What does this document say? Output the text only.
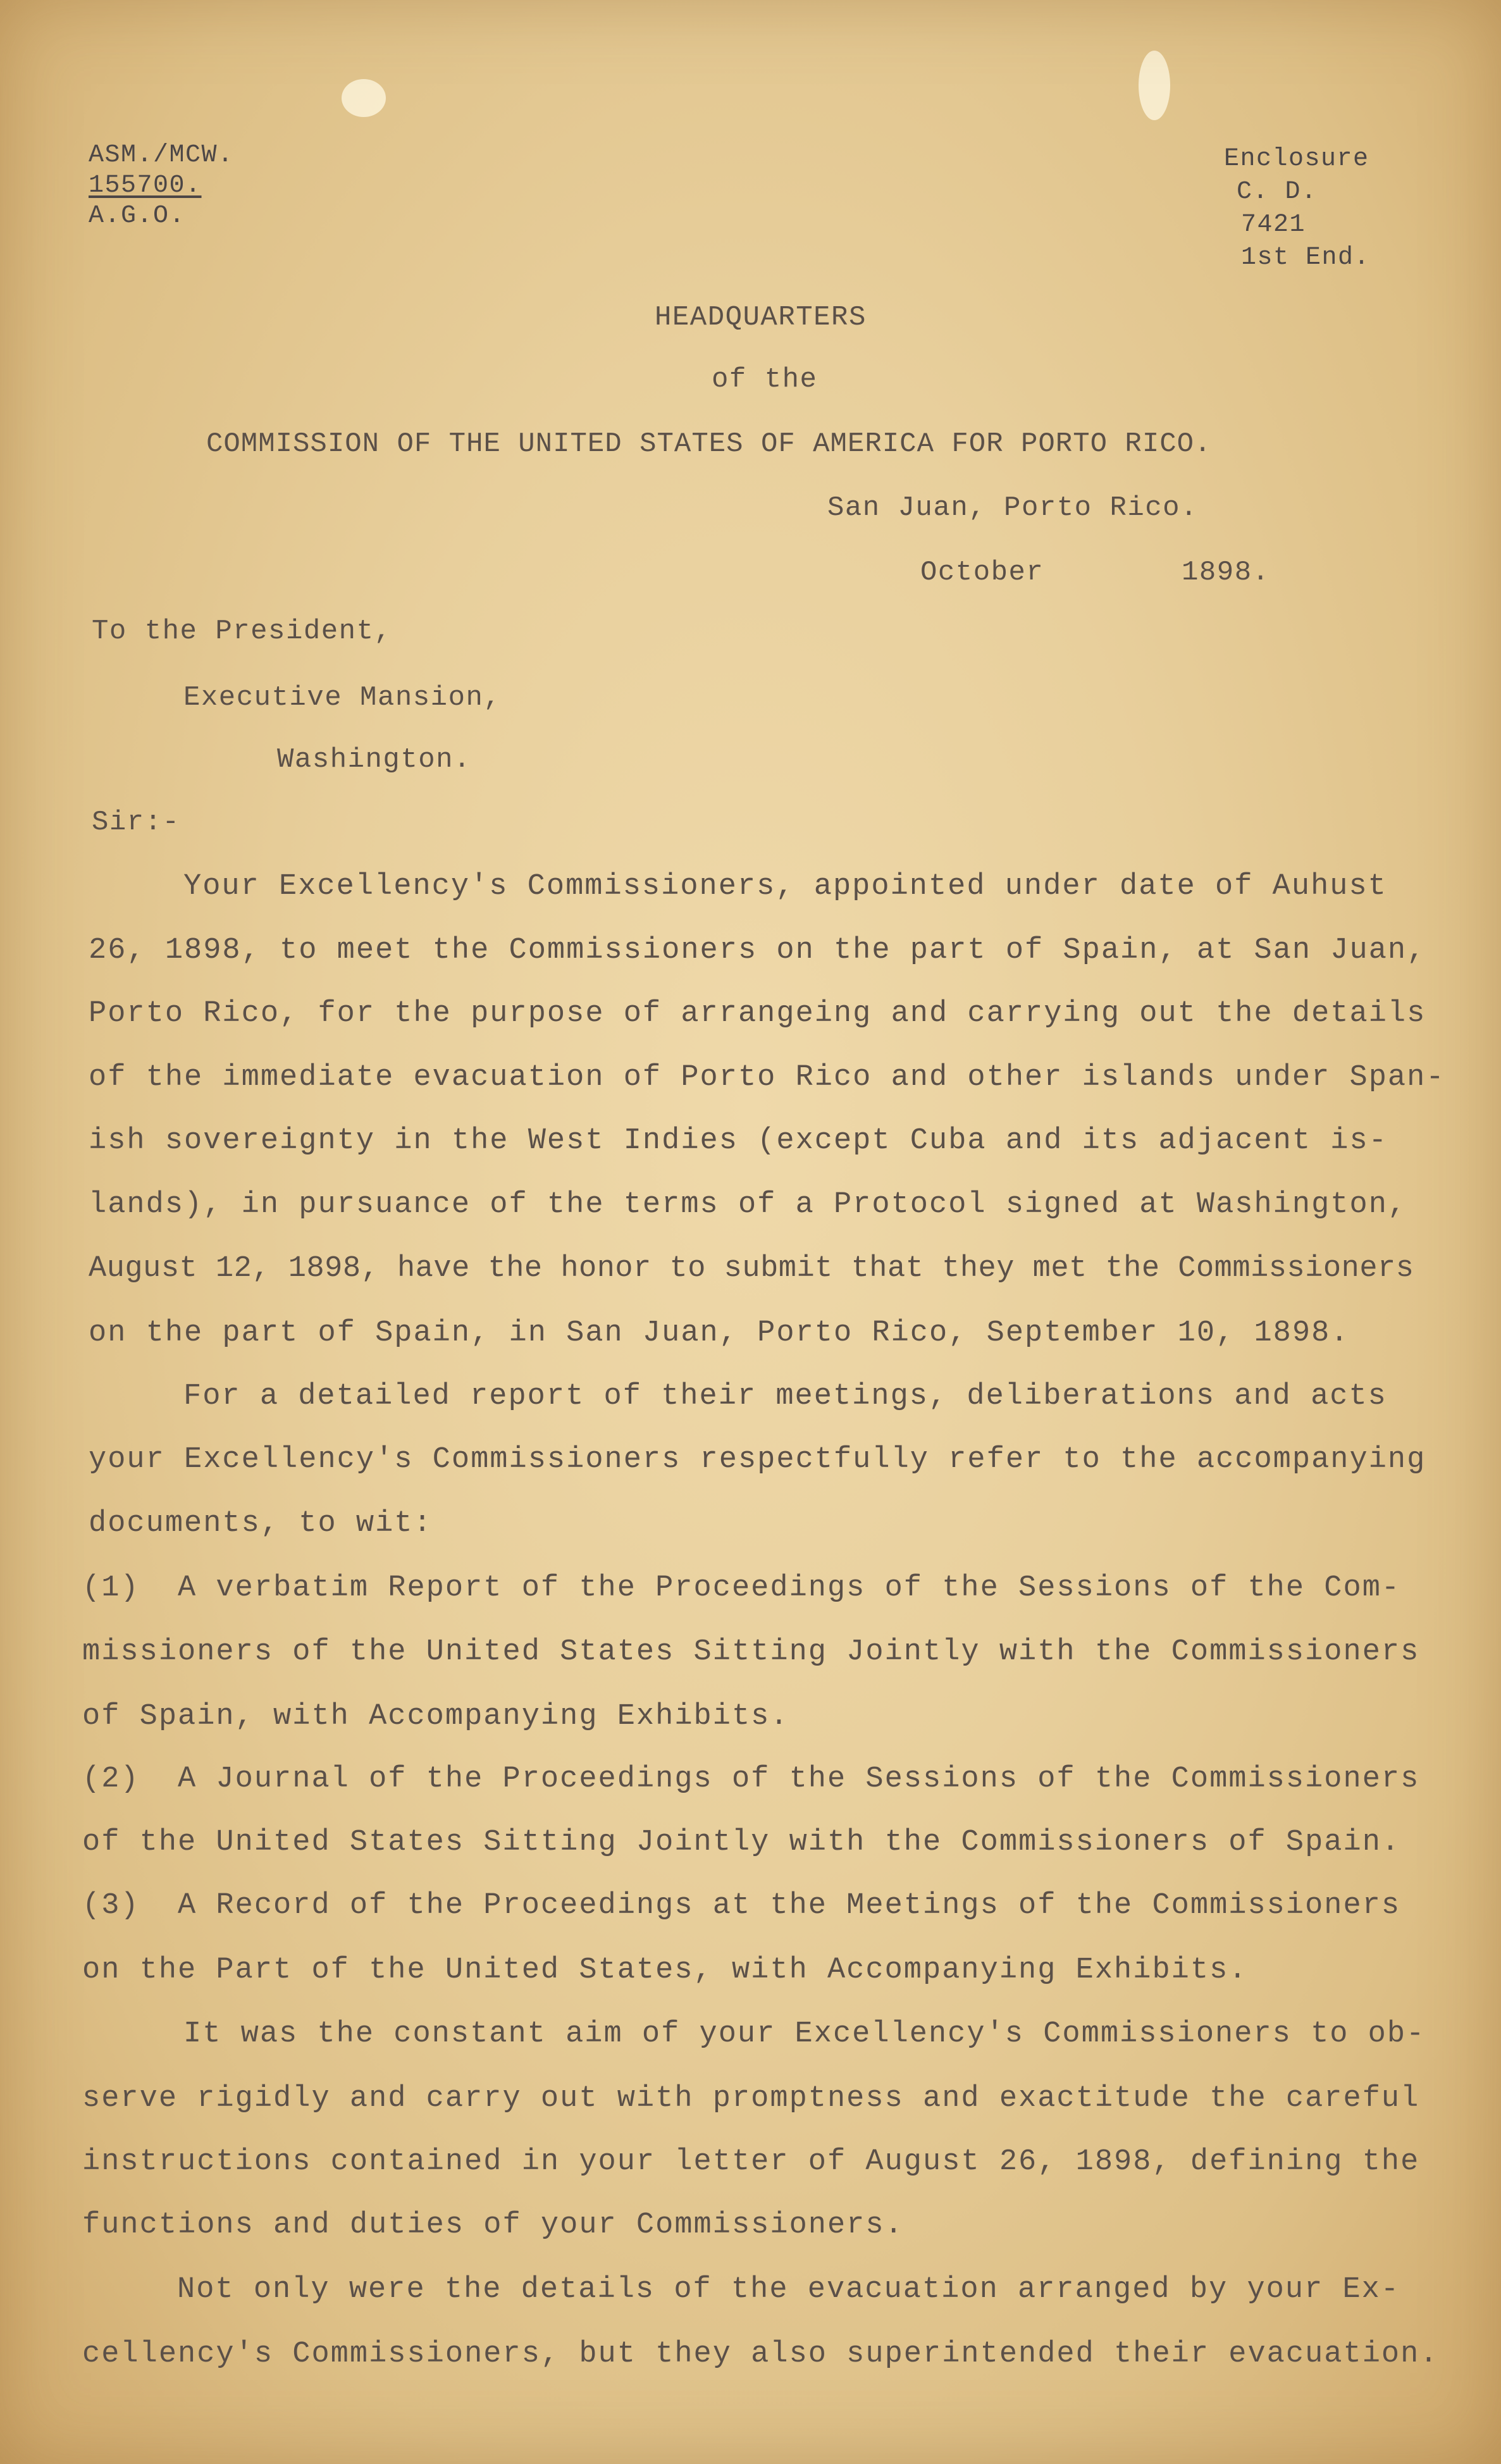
ASM./MCW.
155700.
A.G.O.
Enclosure
C. D.
7421
1st End.
HEADQUARTERS
of the
COMMISSION OF THE UNITED STATES OF AMERICA FOR PORTO RICO.
San Juan, Porto Rico.
October	1898.
To the President,
Executive Mansion,
Washington.
Sir:-
Your Excellency's Commissioners, appointed under date of Auhust
26, 1898, to meet the Commissioners on the part of Spain, at San Juan,
Porto Rico, for the purpose of arrangeing and carrying out the details
of the immediate evacuation of Porto Rico and other islands under Span-
ish sovereignty in the West Indies (except Cuba and its adjacent is-
lands), in pursuance of the terms of a Protocol signed at Washington,
August 12, 1898, have the honor to submit that they met the Commissioners
on the part of Spain, in San Juan, Porto Rico, September 10, 1898.
For a detailed report of their meetings, deliberations and acts
your Excellency's Commissioners respectfully refer to the accompanying
documents, to wit:
(1)  A verbatim Report of the Proceedings of the Sessions of the Com-
missioners of the United States Sitting Jointly with the Commissioners
of Spain, with Accompanying Exhibits.
(2)  A Journal of the Proceedings of the Sessions of the Commissioners
of the United States Sitting Jointly with the Commissioners of Spain.
(3)  A Record of the Proceedings at the Meetings of the Commissioners
on the Part of the United States, with Accompanying Exhibits.
It was the constant aim of your Excellency's Commissioners to ob-
serve rigidly and carry out with promptness and exactitude the careful
instructions contained in your letter of August 26, 1898, defining the
functions and duties of your Commissioners.
Not only were the details of the evacuation arranged by your Ex-
cellency's Commissioners, but they also superintended their evacuation.
